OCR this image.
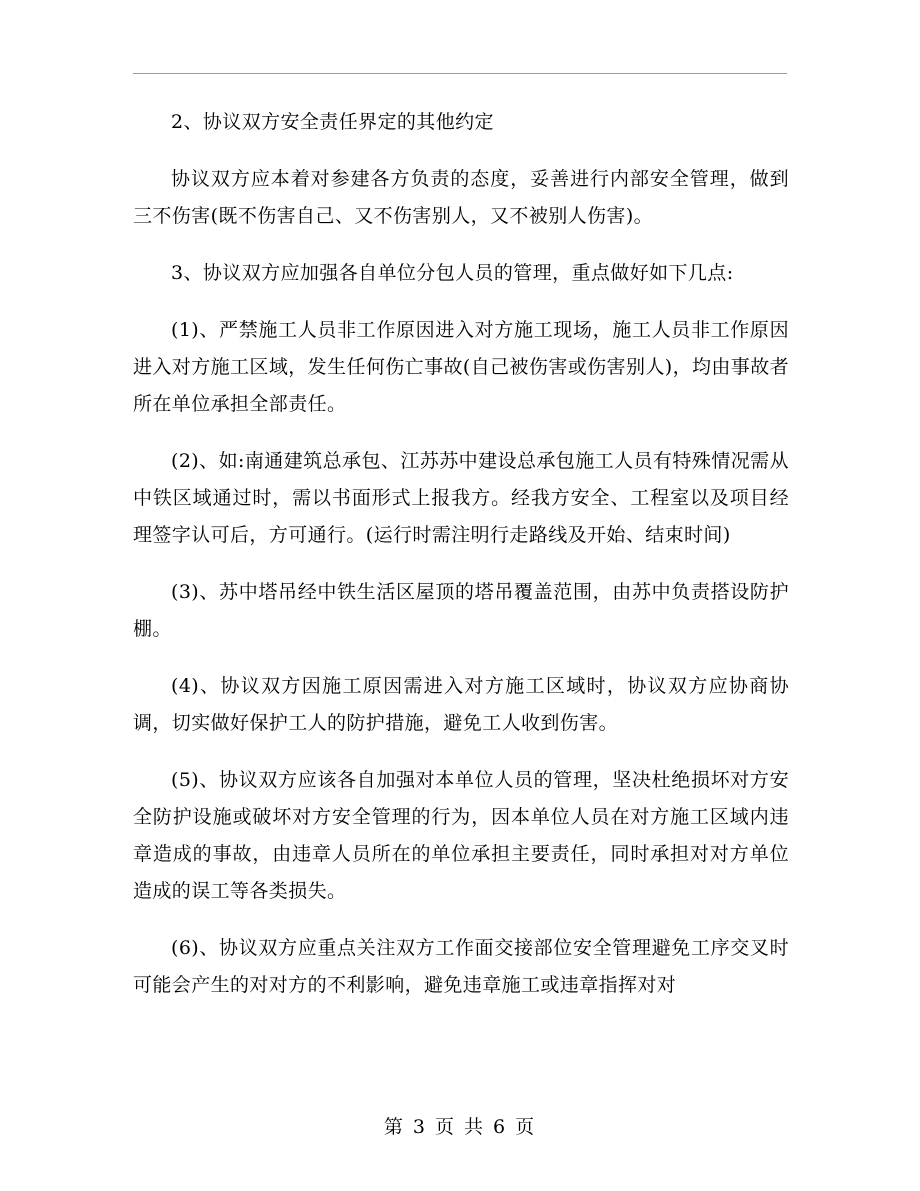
2、协议双方安全责任界定的其他约定

协议双方应本着对参建各方负责的态度，妥善进行内部安全管理，做到三不伤害(既不伤害自己、又不伤害别人，又不被别人伤害)。

3、协议双方应加强各自单位分包人员的管理，重点做好如下几点:

(1)、严禁施工人员非工作原因进入对方施工现场，施工人员非工作原因进入对方施工区域，发生任何伤亡事故(自己被伤害或伤害别人)，均由事故者所在单位承担全部责任。

(2)、如:南通建筑总承包、江苏苏中建设总承包施工人员有特殊情况需从中铁区域通过时，需以书面形式上报我方。经我方安全、工程室以及项目经理签字认可后，方可通行。(运行时需注明行走路线及开始、结束时间)

(3)、苏中塔吊经中铁生活区屋顶的塔吊覆盖范围，由苏中负责搭设防护棚。

(4)、协议双方因施工原因需进入对方施工区域时，协议双方应协商协调，切实做好保护工人的防护措施，避免工人收到伤害。

(5)、协议双方应该各自加强对本单位人员的管理，坚决杜绝损坏对方安全防护设施或破坏对方安全管理的行为，因本单位人员在对方施工区域内违章造成的事故，由违章人员所在的单位承担主要责任，同时承担对对方单位造成的误工等各类损失。

(6)、协议双方应重点关注双方工作面交接部位安全管理避免工序交叉时可能会产生的对对方的不利影响，避免违章施工或违章指挥对对

第 3 页 共 6 页
